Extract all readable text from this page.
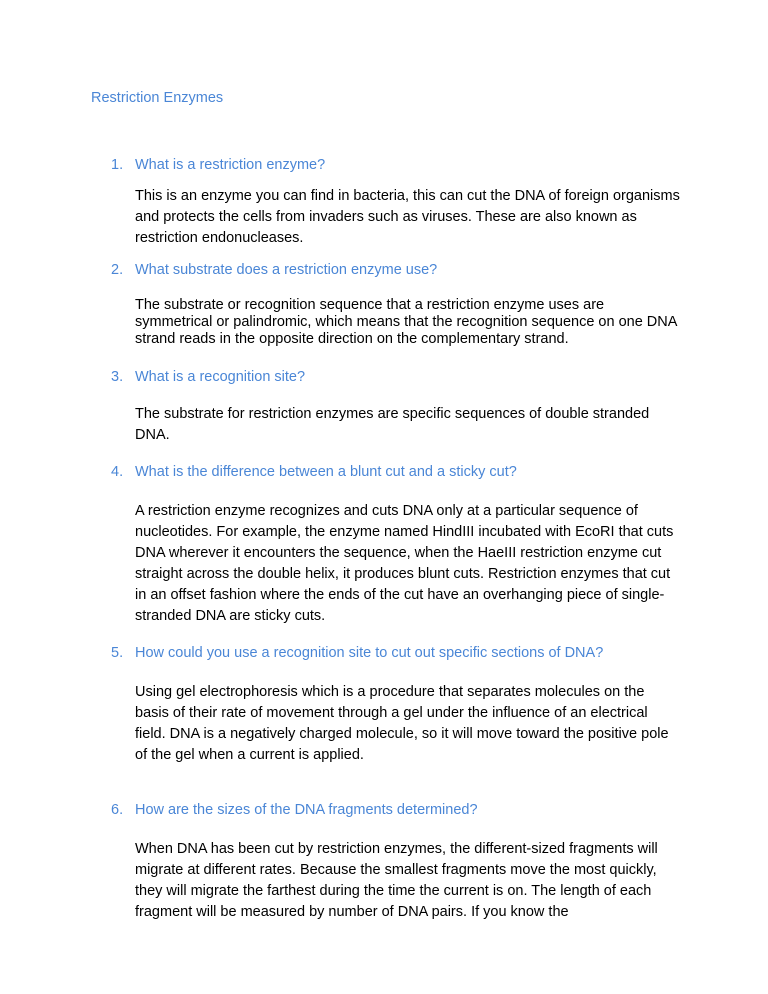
Restriction Enzymes

1. What is a restriction enzyme?

This is an enzyme you can find in bacteria, this can cut the DNA of foreign organisms and protects the cells from invaders such as viruses. These are also known as restriction endonucleases.

2. What substrate does a restriction enzyme use?

The substrate or recognition sequence that a restriction enzyme uses are symmetrical or palindromic, which means that the recognition sequence on one DNA strand reads in the opposite direction on the complementary strand.

3. What is a recognition site?

The substrate for restriction enzymes are specific sequences of double stranded DNA.

4. What is the difference between a blunt cut and a sticky cut?

A restriction enzyme recognizes and cuts DNA only at a particular sequence of nucleotides. For example, the enzyme named HindIII incubated with EcoRI that cuts DNA wherever it encounters the sequence, when the HaeIII restriction enzyme cut straight across the double helix, it produces blunt cuts. Restriction enzymes that cut in an offset fashion where the ends of the cut have an overhanging piece of single-stranded DNA are sticky cuts.

5. How could you use a recognition site to cut out specific sections of DNA?

Using gel electrophoresis which is a procedure that separates molecules on the basis of their rate of movement through a gel under the influence of an electrical field. DNA is a negatively charged molecule, so it will move toward the positive pole of the gel when a current is applied.

6. How are the sizes of the DNA fragments determined?

When DNA has been cut by restriction enzymes, the different-sized fragments will migrate at different rates. Because the smallest fragments move the most quickly, they will migrate the farthest during the time the current is on. The length of each fragment will be measured by number of DNA pairs. If you know the
